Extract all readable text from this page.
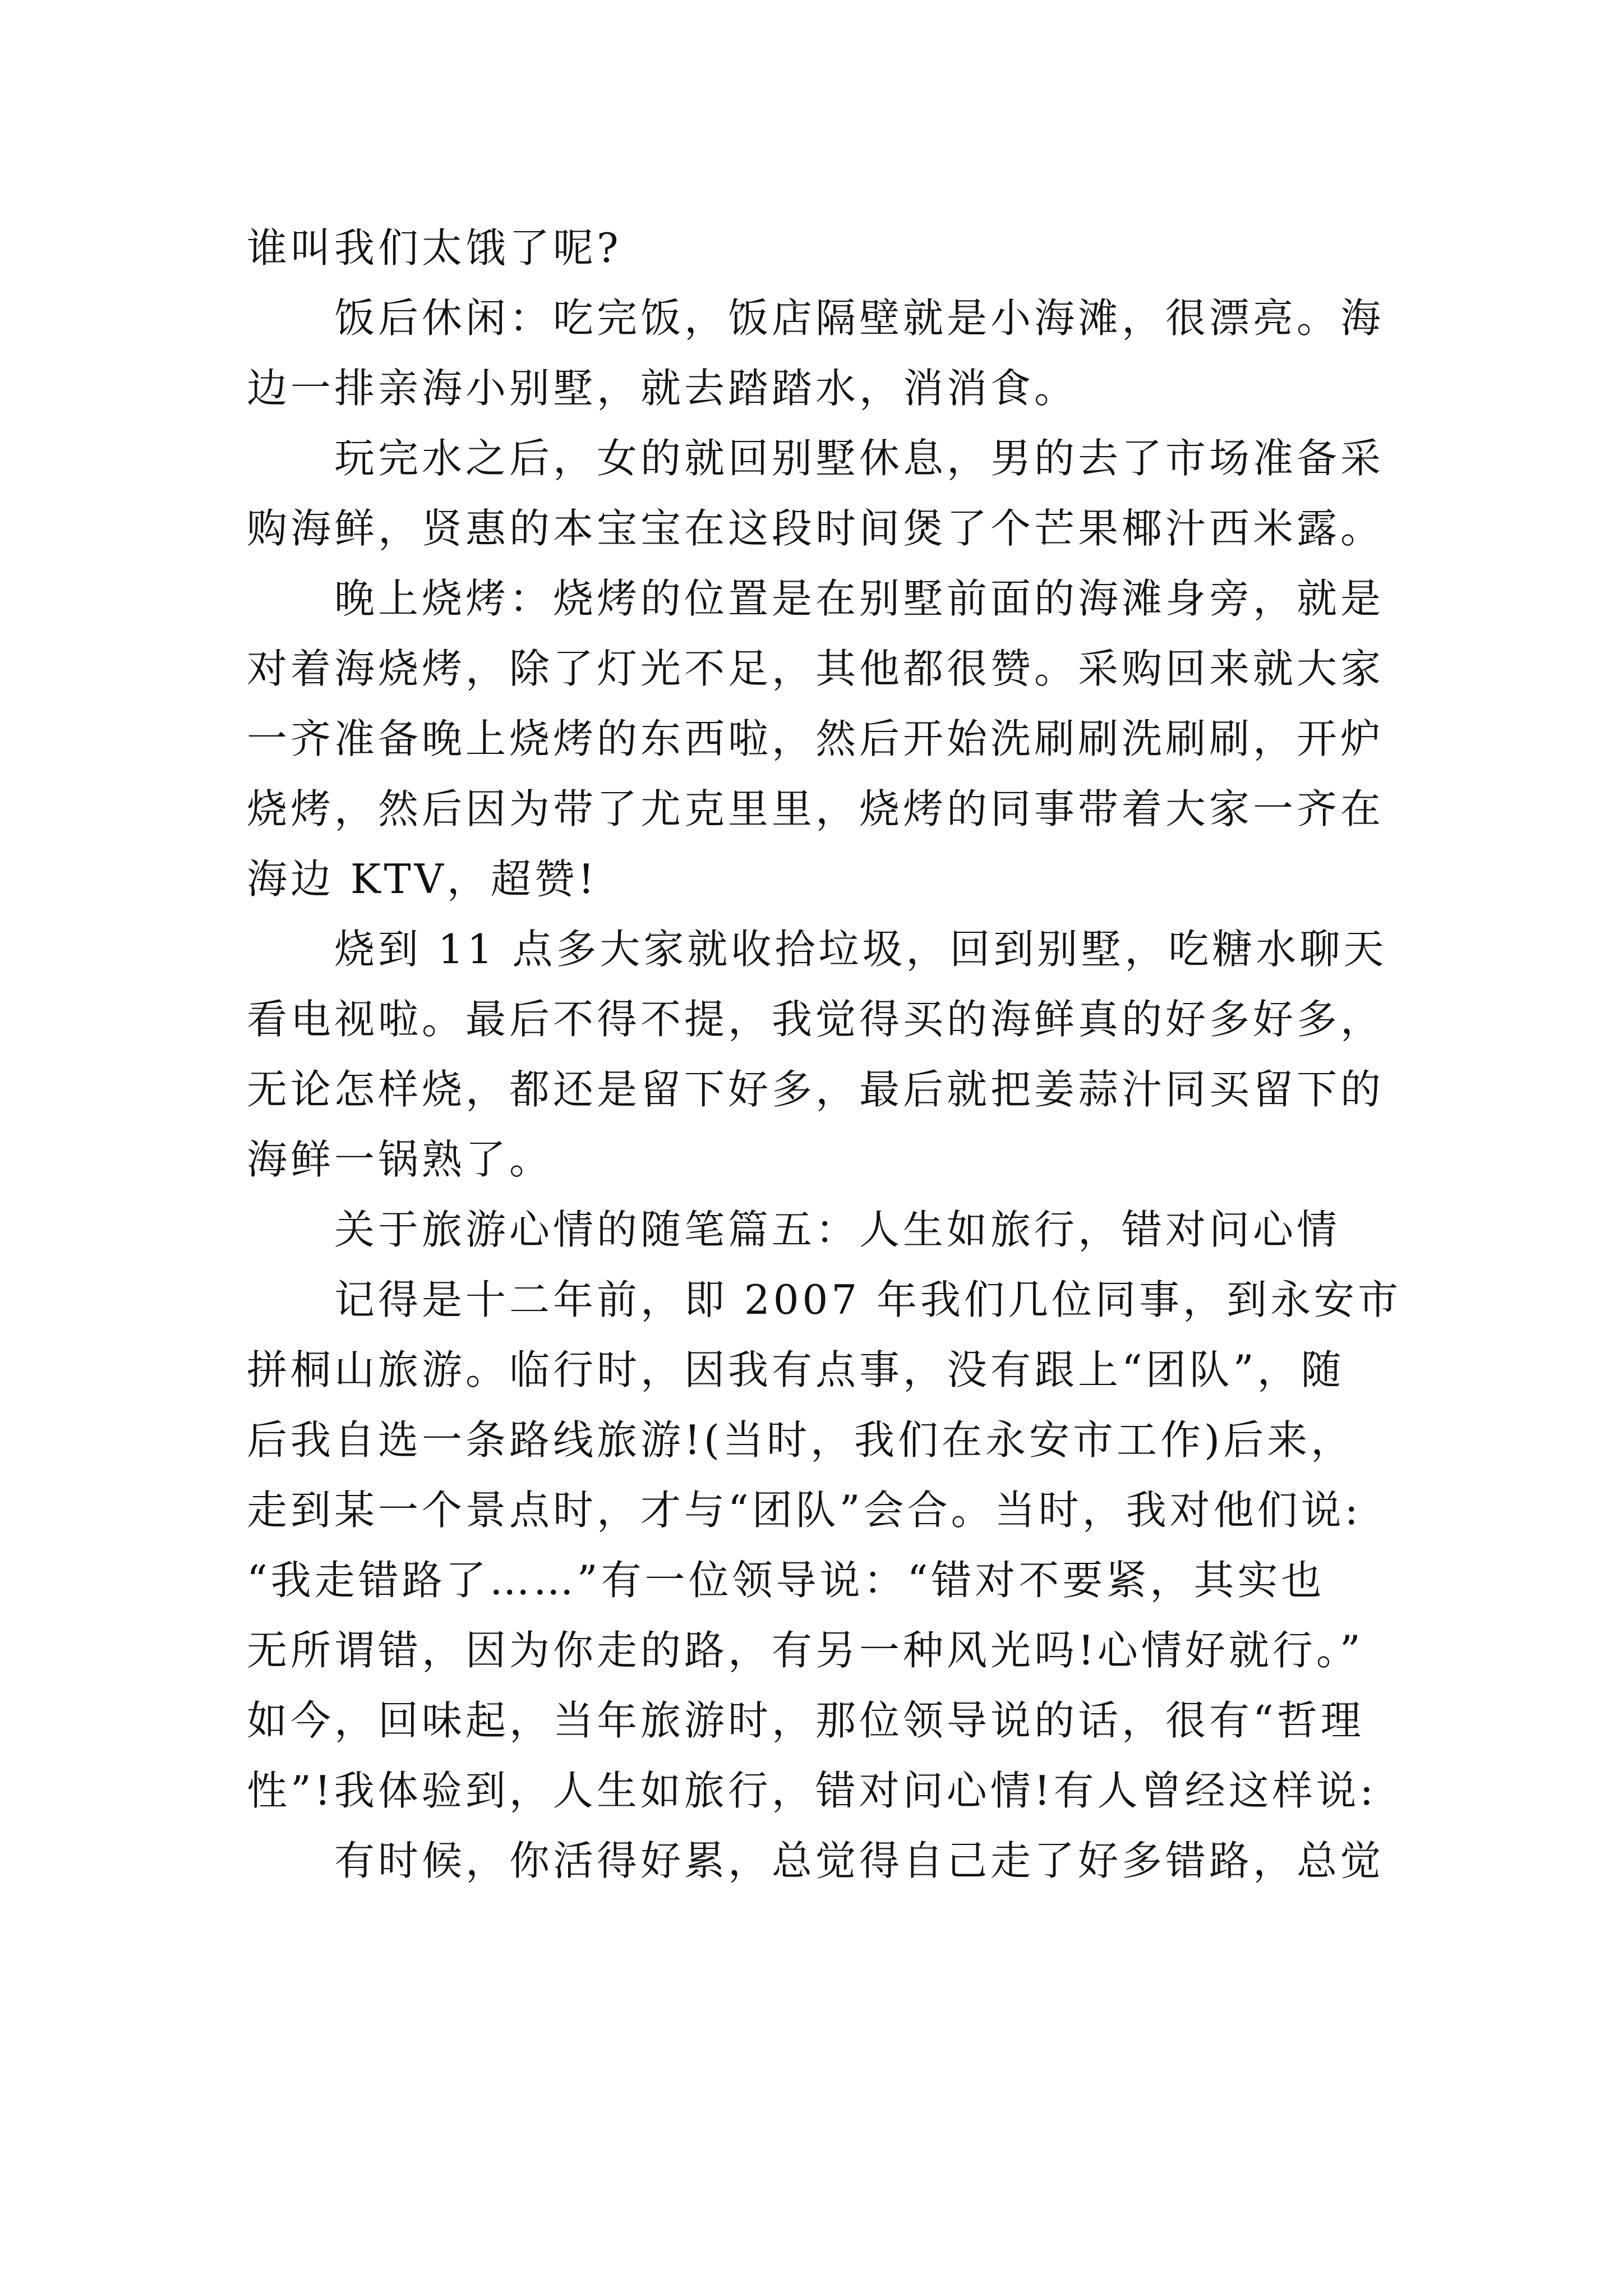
谁叫我们太饿了呢?
饭后休闲：吃完饭，饭店隔壁就是小海滩，很漂亮。海
边一排亲海小别墅，就去踏踏水，消消食。
玩完水之后，女的就回别墅休息，男的去了市场准备采
购海鲜，贤惠的本宝宝在这段时间煲了个芒果椰汁西米露。
晚上烧烤：烧烤的位置是在别墅前面的海滩身旁，就是
对着海烧烤，除了灯光不足，其他都很赞。采购回来就大家
一齐准备晚上烧烤的东西啦，然后开始洗刷刷洗刷刷，开炉
烧烤，然后因为带了尤克里里，烧烤的同事带着大家一齐在
海边 KTV，超赞!
烧到 11 点多大家就收拾垃圾，回到别墅，吃糖水聊天
看电视啦。最后不得不提，我觉得买的海鲜真的好多好多，
无论怎样烧，都还是留下好多，最后就把姜蒜汁同买留下的
海鲜一锅熟了。
关于旅游心情的随笔篇五：人生如旅行，错对问心情
记得是十二年前，即 2007 年我们几位同事，到永安市
拼桐山旅游。临行时，因我有点事，没有跟上“团队”，随
后我自选一条路线旅游!(当时，我们在永安市工作)后来，
走到某一个景点时，才与“团队”会合。当时，我对他们说:
“我走错路了……”有一位领导说：“错对不要紧，其实也
无所谓错，因为你走的路，有另一种风光吗!心情好就行。”
如今，回味起，当年旅游时，那位领导说的话，很有“哲理
性”!我体验到，人生如旅行，错对问心情!有人曾经这样说:
有时候，你活得好累，总觉得自己走了好多错路，总觉
